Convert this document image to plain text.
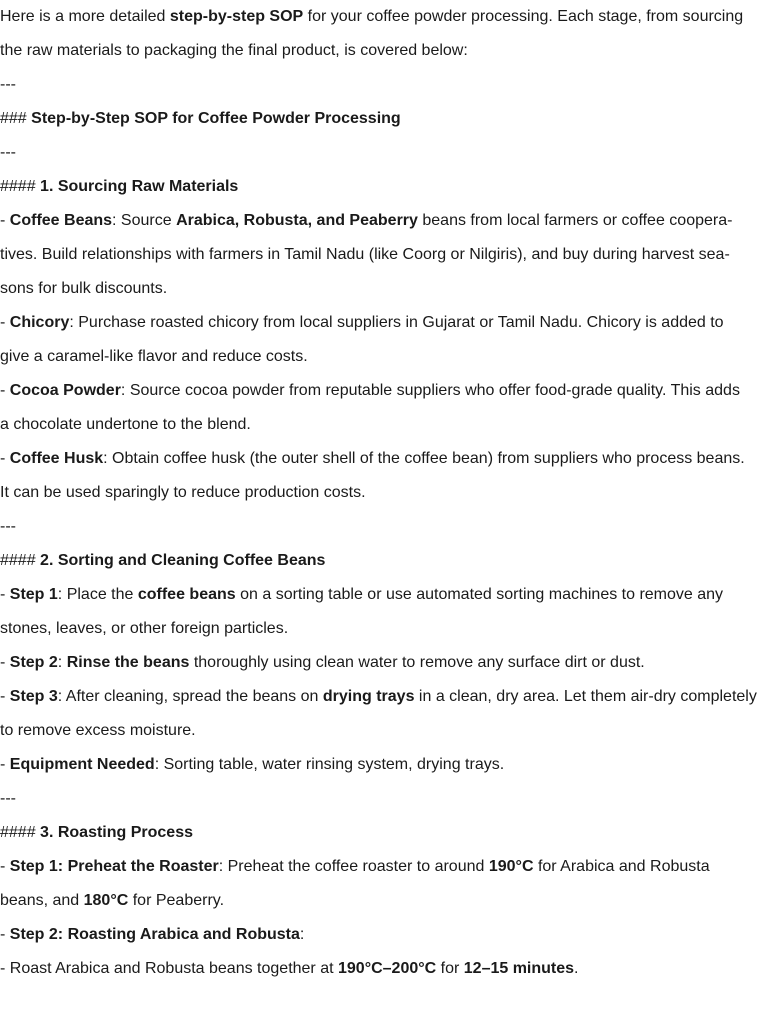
Here is a more detailed step-by-step SOP for your coffee powder processing. Each stage, from sourcing
the raw materials to packaging the final product, is covered below:
---
### Step-by-Step SOP for Coffee Powder Processing
---
#### 1. Sourcing Raw Materials
- Coffee Beans: Source Arabica, Robusta, and Peaberry beans from local farmers or coffee coopera-
tives. Build relationships with farmers in Tamil Nadu (like Coorg or Nilgiris), and buy during harvest sea-
sons for bulk discounts.
- Chicory: Purchase roasted chicory from local suppliers in Gujarat or Tamil Nadu. Chicory is added to
give a caramel-like flavor and reduce costs.
- Cocoa Powder: Source cocoa powder from reputable suppliers who offer food-grade quality. This adds
a chocolate undertone to the blend.
- Coffee Husk: Obtain coffee husk (the outer shell of the coffee bean) from suppliers who process beans.
It can be used sparingly to reduce production costs.
---
#### 2. Sorting and Cleaning Coffee Beans
- Step 1: Place the coffee beans on a sorting table or use automated sorting machines to remove any
stones, leaves, or other foreign particles.
- Step 2: Rinse the beans thoroughly using clean water to remove any surface dirt or dust.
- Step 3: After cleaning, spread the beans on drying trays in a clean, dry area. Let them air-dry completely
to remove excess moisture.
- Equipment Needed: Sorting table, water rinsing system, drying trays.
---
#### 3. Roasting Process
- Step 1: Preheat the Roaster: Preheat the coffee roaster to around 190°C for Arabica and Robusta
beans, and 180°C for Peaberry.
- Step 2: Roasting Arabica and Robusta:
- Roast Arabica and Robusta beans together at 190°C–200°C for 12–15 minutes.
